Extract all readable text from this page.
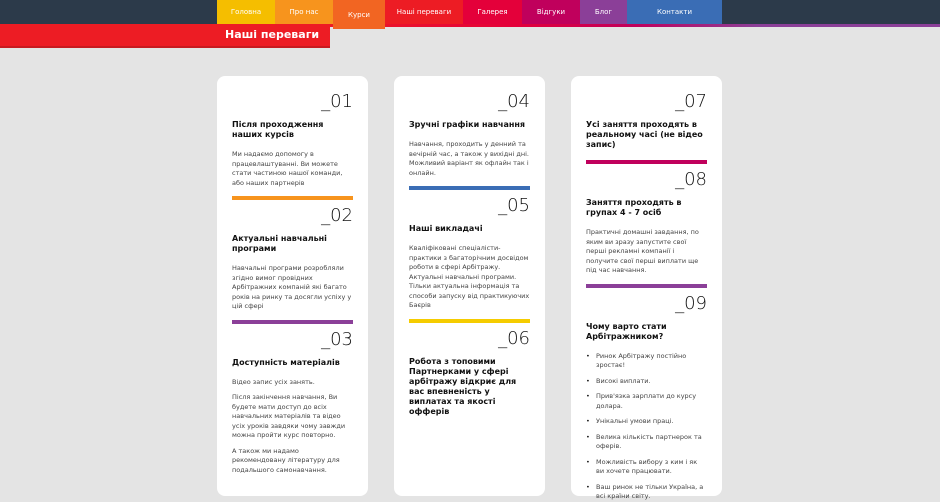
Головна	Про нас	Курси	Наші переваги	Галерея	Відгуки	Блог	Контакти
Наші переваги
_01
Після проходження наших курсів
Ми надаємо допомогу в працевлаштуванні. Ви можете стати частиною нашої команди, або наших партнерів
_02
Актуальні навчальні програми
Навчальні програми розробляли згідно вимог провідних Арбітражних компаній які багато років на ринку та досягли успіху у цій сфері
_03
Доступність матеріалів
Відео запис усіх занять.
Після закінчення навчання, Ви будете мати доступ до всіх навчальних матеріалів та відео усіх уроків завдяки чому завжди можна пройти курс повторно.
А також ми надамо рекомендовану літературу для подальшого самонавчання.
_04
Зручні графіки навчання
Навчання, проходить у денний та вечірній час, а також у вихідні дні. Можливий варіант як офлайн так і онлайн.
_05
Наші викладачі
Кваліфіковані спеціалісти-практики з багаторічним досвідом роботи в сфері Арбітражу. Актуальні навчальні програми. Тільки актуальна інформація та способи запуску від практикуючих Баєрів
_06
Робота з топовими Партнерками у сфері арбітражу відкриє для вас впевненість у виплатах та якості офферів
_07
Усі заняття проходять в реальному часі (не відео запис)
_08
Заняття проходять в групах 4 - 7 осіб
Практичні домашні завдання, по яким ви зразу запустите свої перші рекламні компанії і получите свої перші виплати ще під час навчання.
_09
Чому варто стати Арбітражником?
• Ринок Арбітражу постійно зростає!
• Високі виплати.
• Прив'язка зарплати до курсу долара.
• Унікальні умови праці.
• Велика кількість партнерок та оферів.
• Можливість вибору з ким і як ви хочете працювати.
• Ваш ринок не тільки Україна, а всі країни світу.
